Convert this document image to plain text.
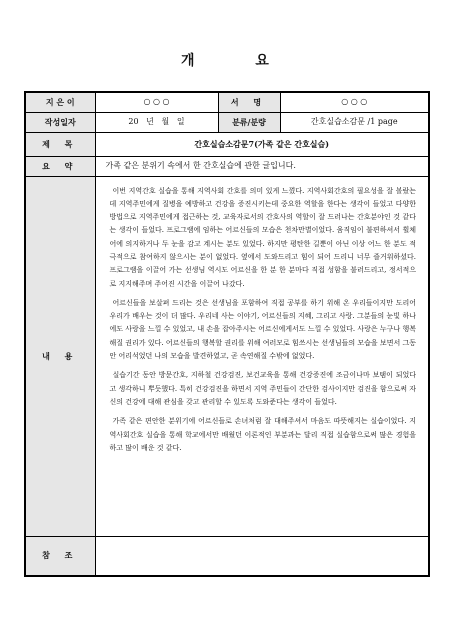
개 요
지 은 이	○ ○ ○	서 명	○ ○ ○
작성일자	20   년   월   일	분류/분량	간호실습소감문 /1 page
제 목	간호실습소감문7(가족 같은 간호실습)		
요 약	가족 같은 분위기 속에서 한 간호실습에 관한 글입니다.		
내 용	이번 지역간호 실습을 통해 지역사회 간호를 의미 있게 느꼈다. 지역사회간호의 필요성을 잘 볼랐는데 지역주민에게 질병을 예방하고 건강을 증진시키는데 중요한 역할을 한다는 생각이 들었고 다양한 방법으로 지역주민에게 접근하는 것, 교육자로서의 간호사의 역할이 잘 드러나는 간호분야인 것 같다는 생각이 들었다. 프로그램에 임하는 어르신들의 모습은 천차만별이었다. 움직임이 불편하셔서 휠체어에 의지하거나 두 눈을 감고 계시는 분도 있었다. 하지만 평탄한 길뿐이 아닌 이상 어느 한 분도 적극적으로 참여하지 않으시는 분이 없었다. 옆에서 도와드리고 힘이 되어 드리니 너무 즐거워하셨다. 프로그램을 이끌어 가는 선생님 역시도 어르신을 한 분 한 분마다 직접 성함을 불러드리고, 정서적으로 지지해주며 주어진 시간을 이끌어 나갔다.

어르신들을 보살펴 드리는 것은 선생님을 포함하여 직접 공부를 하기 위해 온 우리들이지만 도리어 우리가 배우는 것이 더 많다. 우리네 사는 이야기, 어르신들의 지혜, 그리고 사랑. 그분들의 눈빛 하나에도 사랑을 느낄 수 있었고, 내 손을 잡아주시는 어르신에게서도 느낄 수 있었다. 사랑은 누구나 행복해질 권리가 있다. 어르신들의 행복할 권리를 위해 여러모로 힘쓰시는 선생님들의 모습을 보면서 그동안 어리석었던 나의 모습을 발견하였고, 곧 속연해질 수밖에 없었다.

실습기간 동안 방문간호, 지하철 건강검진, 보건교육을 통해 건강증진에 조금이나마 보탬이 되었다고 생각하니 뿌듯했다. 특히 건강검진을 하면서 지역 주민들이 간단한 검사이지만 검진을 함으로써 자신의 건강에 대해 관심을 갖고 관리할 수 있도록 도와준다는 생각이 들었다.

가족 같은 편안한 분위기에 어르신들로 손녀처럼 잘 대해주셔서 마음도 따뜻해지는 실습이었다. 지역사회간호 실습을 통해 학교에서만 배웠던 이론적인 부분과는 달리 직접 실습함으로써 많은 경험을 하고 많이 배운 것 같다.		

참 조			
